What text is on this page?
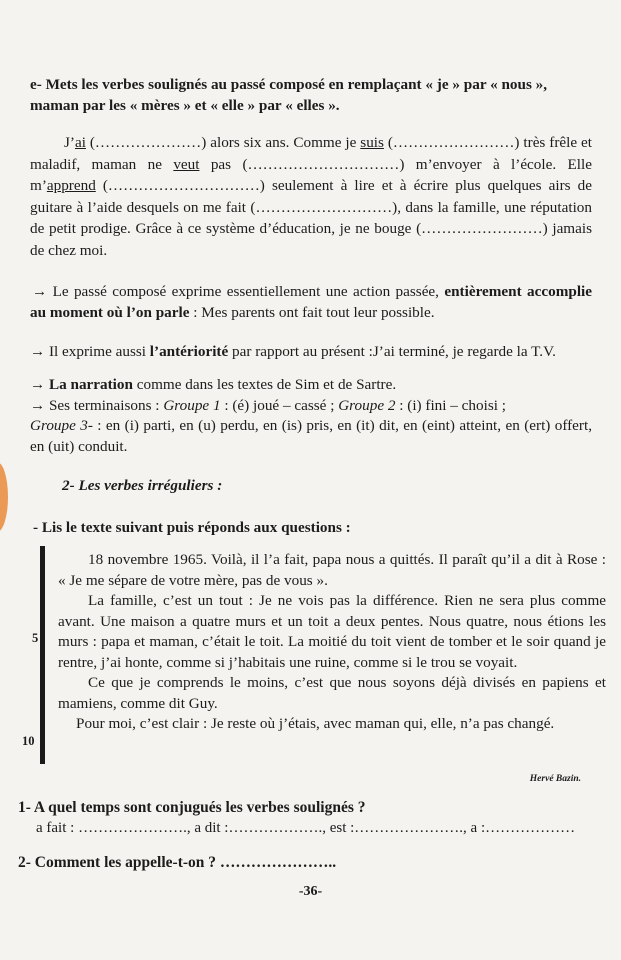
e- Mets les verbes soulignés au passé composé en remplaçant « je » par « nous »,

maman par les « mères » et « elle » par « elles ».

J’ai (…………………) alors six ans. Comme je suis (……………………) très frêle et maladif, maman ne veut pas (…………………………) m’envoyer à l’école. Elle m’apprend (…………………………) seulement à lire et à écrire plus quelques airs de guitare à l’aide desquels on me fait (………………………), dans la famille, une réputation de petit prodige. Grâce à ce système d’éducation, je ne bouge (……………………) jamais de chez moi.
→ Le passé composé exprime essentiellement une action passée, entièrement accomplie au moment où l’on parle : Mes parents ont fait tout leur possible.
→ Il exprime aussi l’antériorité par rapport au présent :J’ai terminé, je regarde la T.V.
→ La narration comme dans les textes de Sim et de Sartre.
→ Ses terminaisons : Groupe 1 : (é) joué – cassé ; Groupe 2 : (i) fini – choisi ;
Groupe 3- : en (i) parti, en (u) perdu, en (is) pris, en (it) dit, en (eint) atteint, en (ert) offert, en (uit) conduit.
2- Les verbes irréguliers :
- Lis le texte suivant puis réponds aux questions :
5
10

18 novembre 1965. Voilà, il l’a fait, papa nous a quittés. Il paraît qu’il a dit à Rose : « Je me sépare de votre mère, pas de vous ».

La famille, c’est un tout : Je ne vois pas la différence. Rien ne sera plus comme avant. Une maison a quatre murs et un toit a deux pentes. Nous quatre, nous étions les murs : papa et maman, c’était le toit. La moitié du toit vient de tomber et le soir quand je rentre, j’ai honte, comme si j’habitais une ruine, comme si le trou se voyait.

Ce que je comprends le moins, c’est que nous soyons déjà divisés en papiens et mamiens, comme dit Guy.

Pour moi, c’est clair : Je reste où j’étais, avec maman qui, elle, n’a pas changé.

Hervé Bazin.
1- A quel temps sont conjugués les verbes soulignés ?
a fait : …………………., a dit :………………., est :…………………., a :………………
2- Comment les appelle-t-on ? …………………..
-36-
